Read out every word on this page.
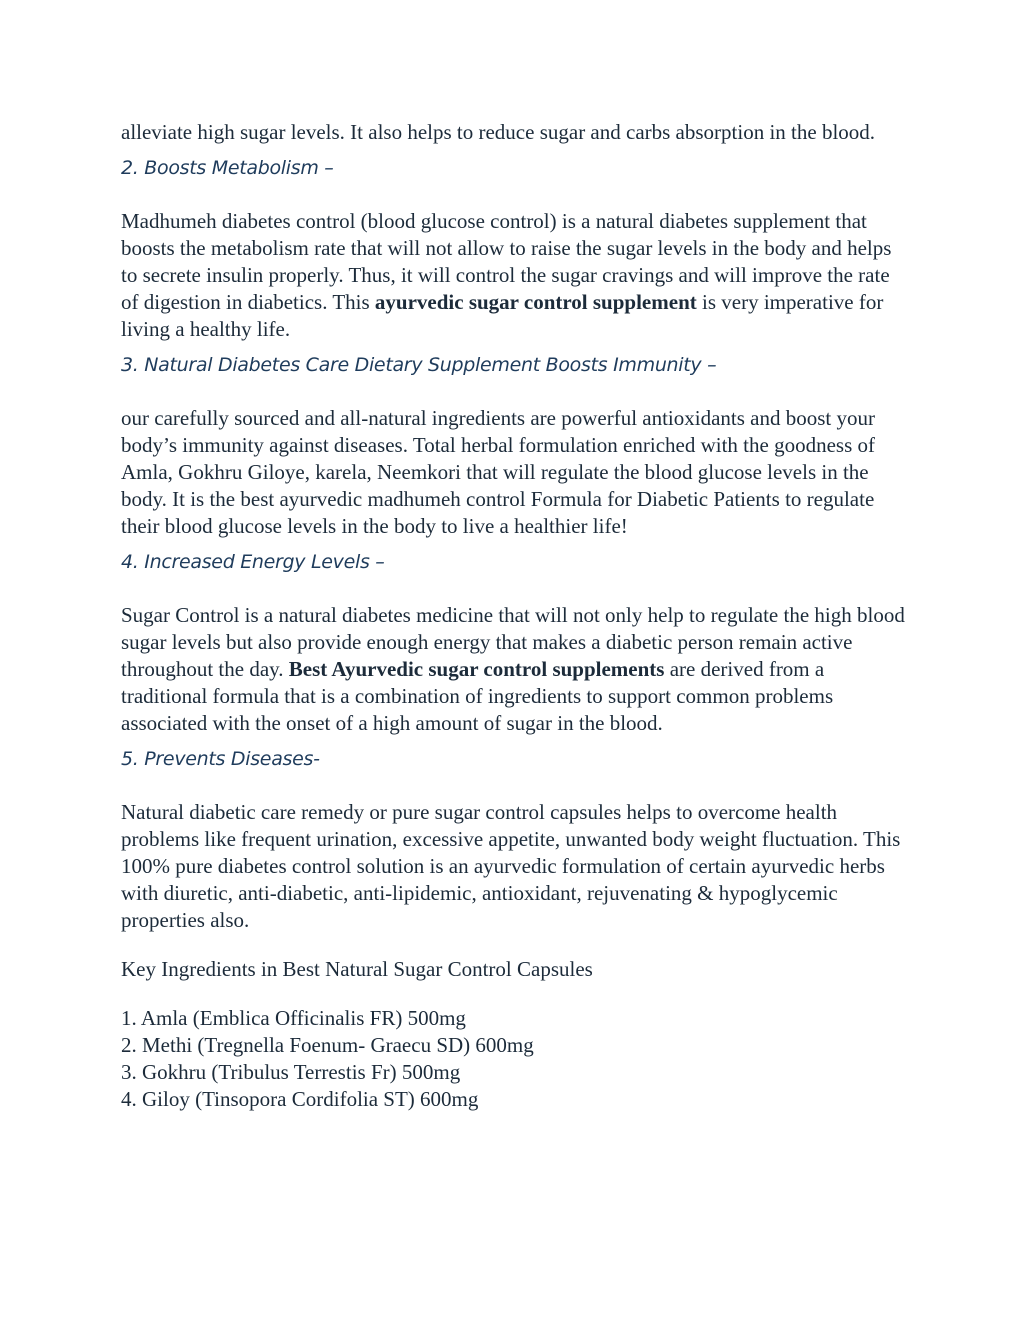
alleviate high sugar levels. It also helps to reduce sugar and carbs absorption in the blood.

2. Boosts Metabolism –

Madhumeh diabetes control (blood glucose control) is a natural diabetes supplement that boosts the metabolism rate that will not allow to raise the sugar levels in the body and helps to secrete insulin properly. Thus, it will control the sugar cravings and will improve the rate of digestion in diabetics. This ayurvedic sugar control supplement is very imperative for living a healthy life.

3. Natural Diabetes Care Dietary Supplement Boosts Immunity –

our carefully sourced and all-natural ingredients are powerful antioxidants and boost your body’s immunity against diseases. Total herbal formulation enriched with the goodness of Amla, Gokhru Giloye, karela, Neemkori that will regulate the blood glucose levels in the body. It is the best ayurvedic madhumeh control Formula for Diabetic Patients to regulate their blood glucose levels in the body to live a healthier life!

4. Increased Energy Levels –

Sugar Control is a natural diabetes medicine that will not only help to regulate the high blood sugar levels but also provide enough energy that makes a diabetic person remain active throughout the day. Best Ayurvedic sugar control supplements are derived from a traditional formula that is a combination of ingredients to support common problems associated with the onset of a high amount of sugar in the blood.

5. Prevents Diseases-

Natural diabetic care remedy or pure sugar control capsules helps to overcome health problems like frequent urination, excessive appetite, unwanted body weight fluctuation. This 100% pure diabetes control solution is an ayurvedic formulation of certain ayurvedic herbs with diuretic, anti-diabetic, anti-lipidemic, antioxidant, rejuvenating & hypoglycemic properties also.

Key Ingredients in Best Natural Sugar Control Capsules

1. Amla (Emblica Officinalis FR) 500mg

2. Methi (Tregnella Foenum- Graecu SD) 600mg

3. Gokhru (Tribulus Terrestis Fr) 500mg

4. Giloy (Tinsopora Cordifolia ST) 600mg
